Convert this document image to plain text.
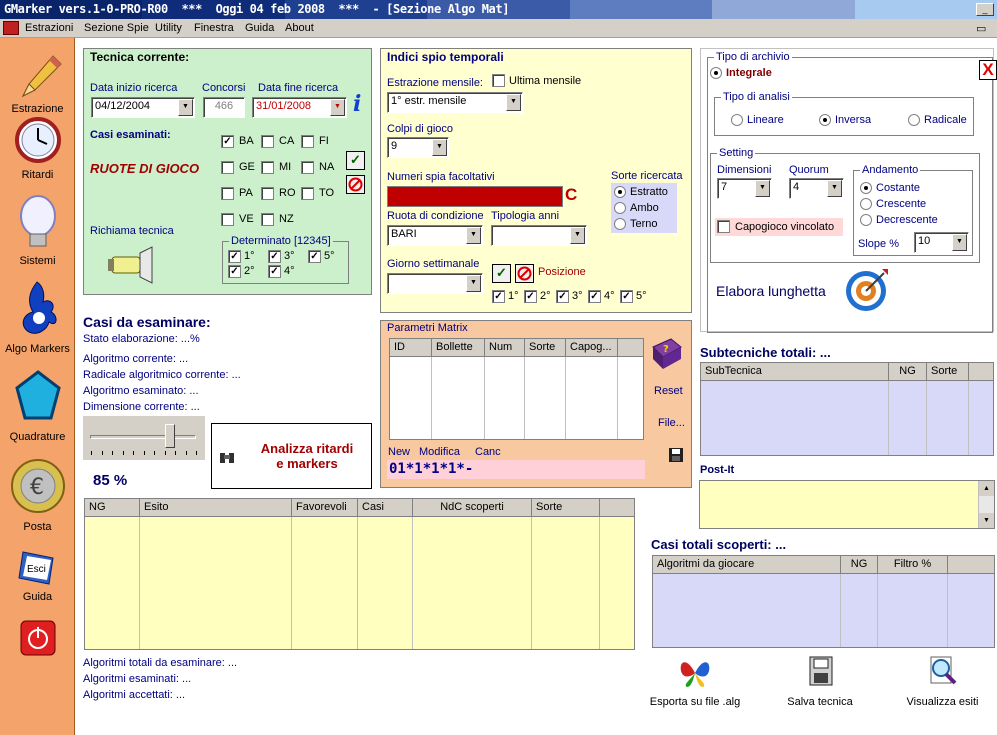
GMarker vers.1-0-PRO-R00  ***  Oggi 04 feb 2008  ***  - [Sezione Algo Mat]	_
Estrazioni Sezione Spie Utility Finestra Guida About	▭
Estrazione
Ritardi
Sistemi
Algo Markers
Quadrature
€
Posta
Esci
Guida
Tecnica corrente:
Data inizio ricerca Concorsi Data fine ricerca
04/12/2004	▼	466	31/01/2008	▼ i
Casi esaminati:
RUOTE DI GIOCO
✓ BA CA FI
GE MI	NA
PA RO TO
VE NZ
✓
Richiama tecnica
Determinato [12345]
✓ 1° ✓ 3° ✓ 5°
✓ 2° ✓ 4°
Indici spio temporali
Estrazione mensile: Ultima mensile
1° estr. mensile	▼
Colpi di gioco
9	▼
Numeri spia facoltativi
C
Sorte ricercata
Estratto
Ambo
Terno
Ruota di condizione Tipologia anni
BARI	▼	▼
Giorno settimanale
▼
✓	Posizione
✓ 1° ✓ 2° ✓ 3° ✓ 4° ✓ 5°
Tipo di archivio
Integrale	X
Tipo di analisi
Lineare	Inversa	Radicale
Setting
Dimensioni Quorum
7	▼	4	▼
Andamento
Costante
Crescente
Decrescente
Slope %	10	▼
Capogioco vincolato
Elabora lunghetta
Casi da esaminare:
Stato elaborazione: ...%
Algoritmo corrente: ...
Radicale algoritmico corrente: ...
Algoritmo esaminato: ...
Dimensione corrente: ...
85 %
Analizza ritardi
e markers
Parametri Matrix
ID	Bollette	Num	Sorte	Capog...	?
Reset
File...
New Modifica Canc
01*1*1*1*-
NG	Esito	Favorevoli	Casi	NdC scoperti	Sorte
Subtecniche totali: ...
SubTecnica	NG	Sorte
Post-It
▲
▼
Casi totali scoperti: ...
Algoritmi da giocare	NG	Filtro %
Algoritmi totali da esaminare: ...
Algoritmi esaminati: ...
Algoritmi accettati: ...
Esporta su file .alg	Salva tecnica	Visualizza esiti
